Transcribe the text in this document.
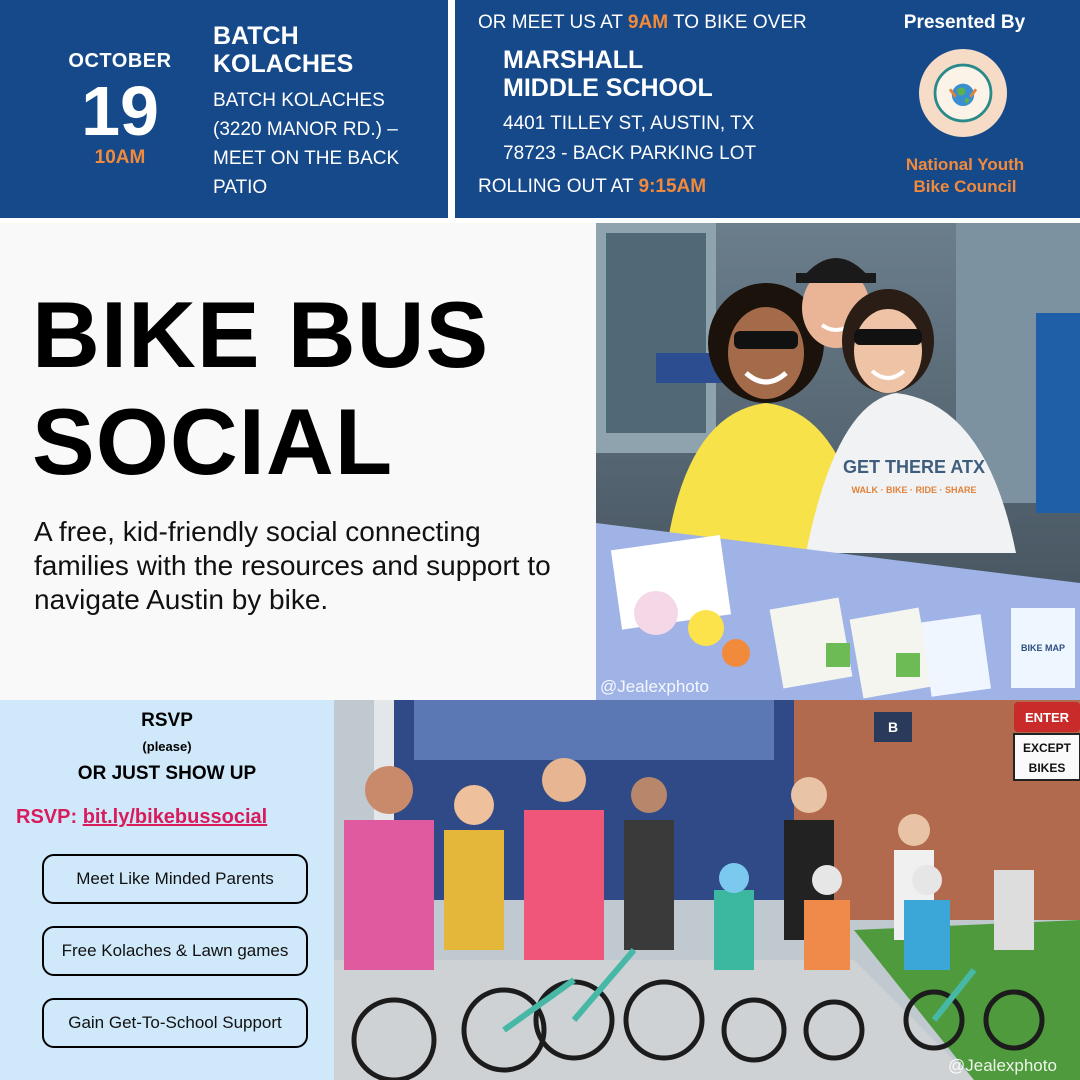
OCTOBER
19
10AM
BATCH
KOLACHES
BATCH KOLACHES
(3220 MANOR RD.) –
MEET ON THE BACK
PATIO
OR MEET US AT 9AM TO BIKE OVER
MARSHALL
MIDDLE SCHOOL
4401 TILLEY ST, AUSTIN, TX
78723 - BACK PARKING LOT
ROLLING OUT AT 9:15AM
Presented By
National Youth
Bike Council
BIKE BUS
SOCIAL
A free, kid-friendly social connecting families with the resources and support to navigate Austin by bike.
GET THERE ATX
WALK · BIKE · RIDE · SHARE
BIKE MAP
@Jealexphoto
RSVP
(please)
OR JUST SHOW UP
RSVP: bit.ly/bikebussocial
Meet Like Minded Parents
Free Kolaches & Lawn games
Gain Get-To-School Support
B
ENTER
EXCEPT
BIKES
@Jealexphoto
